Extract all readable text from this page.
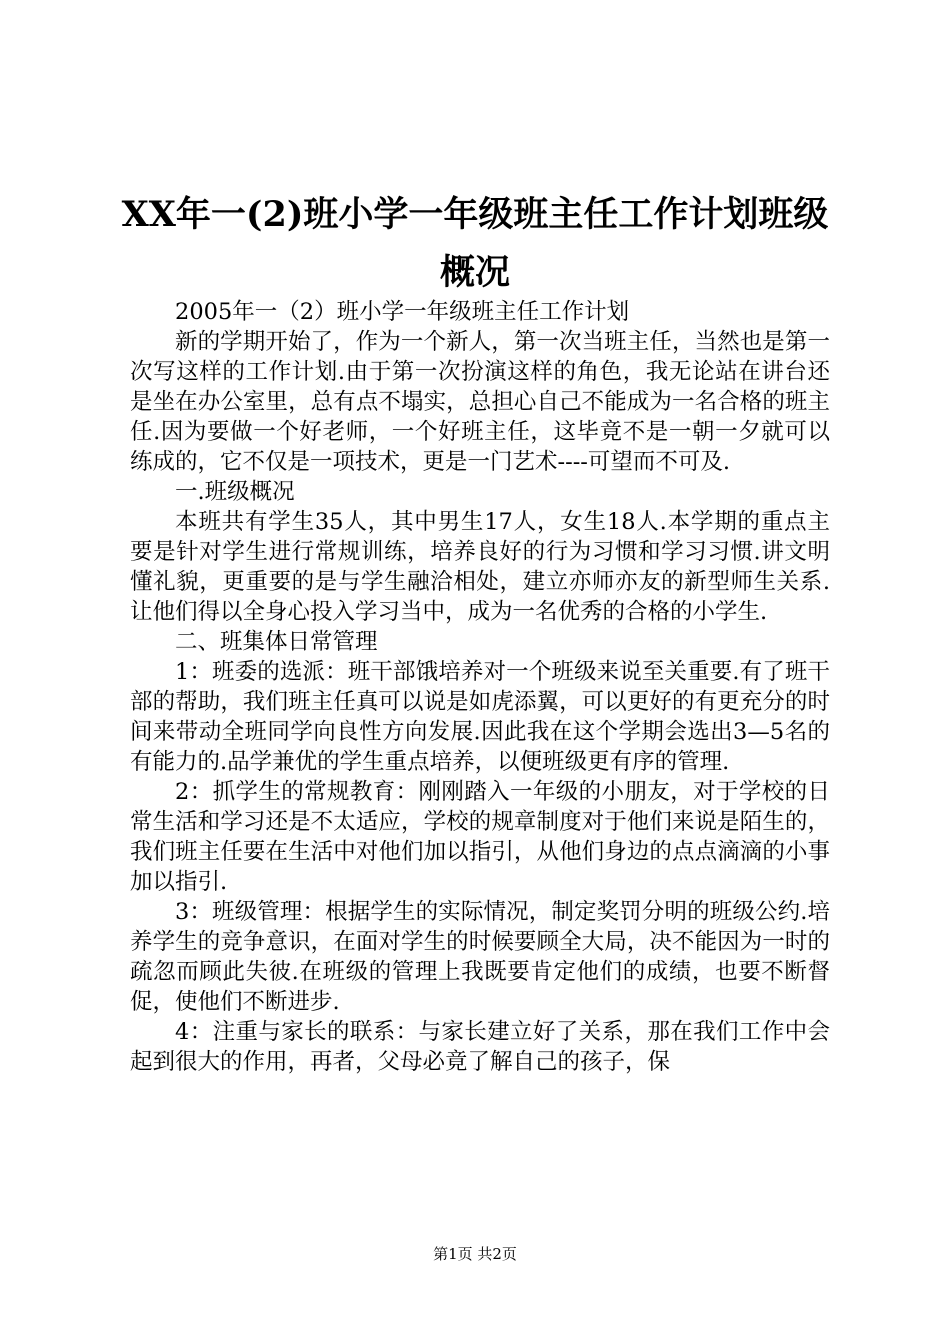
XX年一(2)班小学一年级班主任工作计划班级概况

2005年一（2）班小学一年级班主任工作计划

新的学期开始了，作为一个新人，第一次当班主任，当然也是第一次写这样的工作计划.由于第一次扮演这样的角色，我无论站在讲台还是坐在办公室里，总有点不塌实，总担心自己不能成为一名合格的班主任.因为要做一个好老师，一个好班主任，这毕竟不是一朝一夕就可以练成的，它不仅是一项技术，更是一门艺术----可望而不可及.

一.班级概况

本班共有学生35人，其中男生17人，女生18人.本学期的重点主要是针对学生进行常规训练，培养良好的行为习惯和学习习惯.讲文明懂礼貌，更重要的是与学生融洽相处，建立亦师亦友的新型师生关系.让他们得以全身心投入学习当中，成为一名优秀的合格的小学生.

二、班集体日常管理

1：班委的选派：班干部饿培养对一个班级来说至关重要.有了班干部的帮助，我们班主任真可以说是如虎添翼，可以更好的有更充分的时间来带动全班同学向良性方向发展.因此我在这个学期会选出3—5名的有能力的.品学兼优的学生重点培养，以便班级更有序的管理.

2：抓学生的常规教育：刚刚踏入一年级的小朋友，对于学校的日常生活和学习还是不太适应，学校的规章制度对于他们来说是陌生的，我们班主任要在生活中对他们加以指引，从他们身边的点点滴滴的小事加以指引.

3：班级管理：根据学生的实际情况，制定奖罚分明的班级公约.培养学生的竞争意识，在面对学生的时候要顾全大局，决不能因为一时的疏忽而顾此失彼.在班级的管理上我既要肯定他们的成绩，也要不断督促，使他们不断进步.

4：注重与家长的联系：与家长建立好了关系，那在我们工作中会起到很大的作用，再者，父母必竟了解自己的孩子，保

第1页 共2页
